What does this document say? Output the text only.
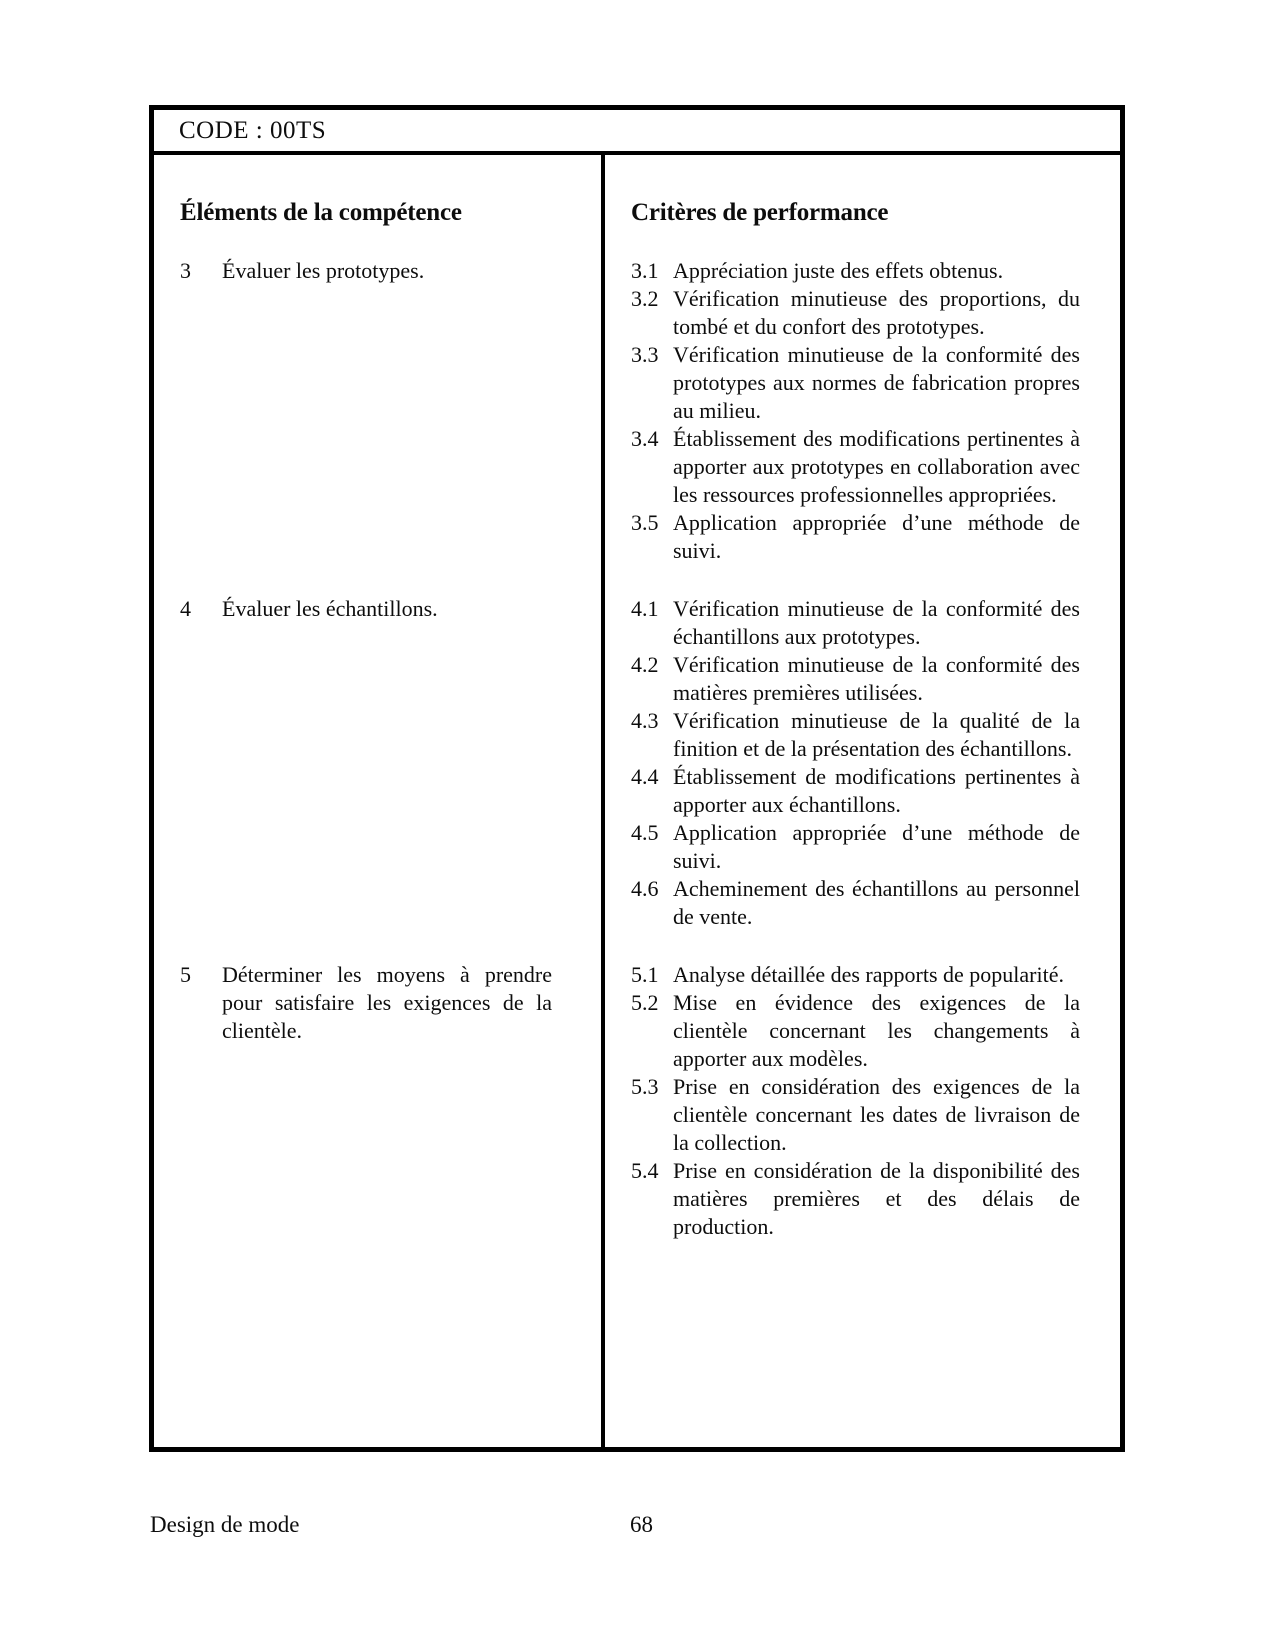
CODE : 00TS
Éléments de la compétence	Critères de performance
3	Évaluer les prototypes.	3.1 Appréciation juste des effets obtenus.
3.2 Vérification minutieuse des proportions, du tombé et du confort des prototypes.
3.3 Vérification minutieuse de la conformité des prototypes aux normes de fabrication propres au milieu.
3.4 Établissement des modifications pertinentes à apporter aux prototypes en collaboration avec les ressources professionnelles appropriées.
3.5 Application appropriée d’une méthode de suivi.
4	Évaluer les échantillons.	4.1 Vérification minutieuse de la conformité des échantillons aux prototypes.
4.2 Vérification minutieuse de la conformité des matières premières utilisées.
4.3 Vérification minutieuse de la qualité de la finition et de la présentation des échantillons.
4.4 Établissement de modifications pertinentes à apporter aux échantillons.
4.5 Application appropriée d’une méthode de suivi.
4.6 Acheminement des échantillons au personnel de vente.
5	Déterminer les moyens à prendre pour satisfaire les exigences de la clientèle.
5.1 Analyse détaillée des rapports de popularité.
5.2 Mise en évidence des exigences de la clientèle concernant les changements à apporter aux modèles.
5.3 Prise en considération des exigences de la clientèle concernant les dates de livraison de la collection.
5.4 Prise en considération de la disponibilité des matières premières et des délais de production.
Design de mode	68
